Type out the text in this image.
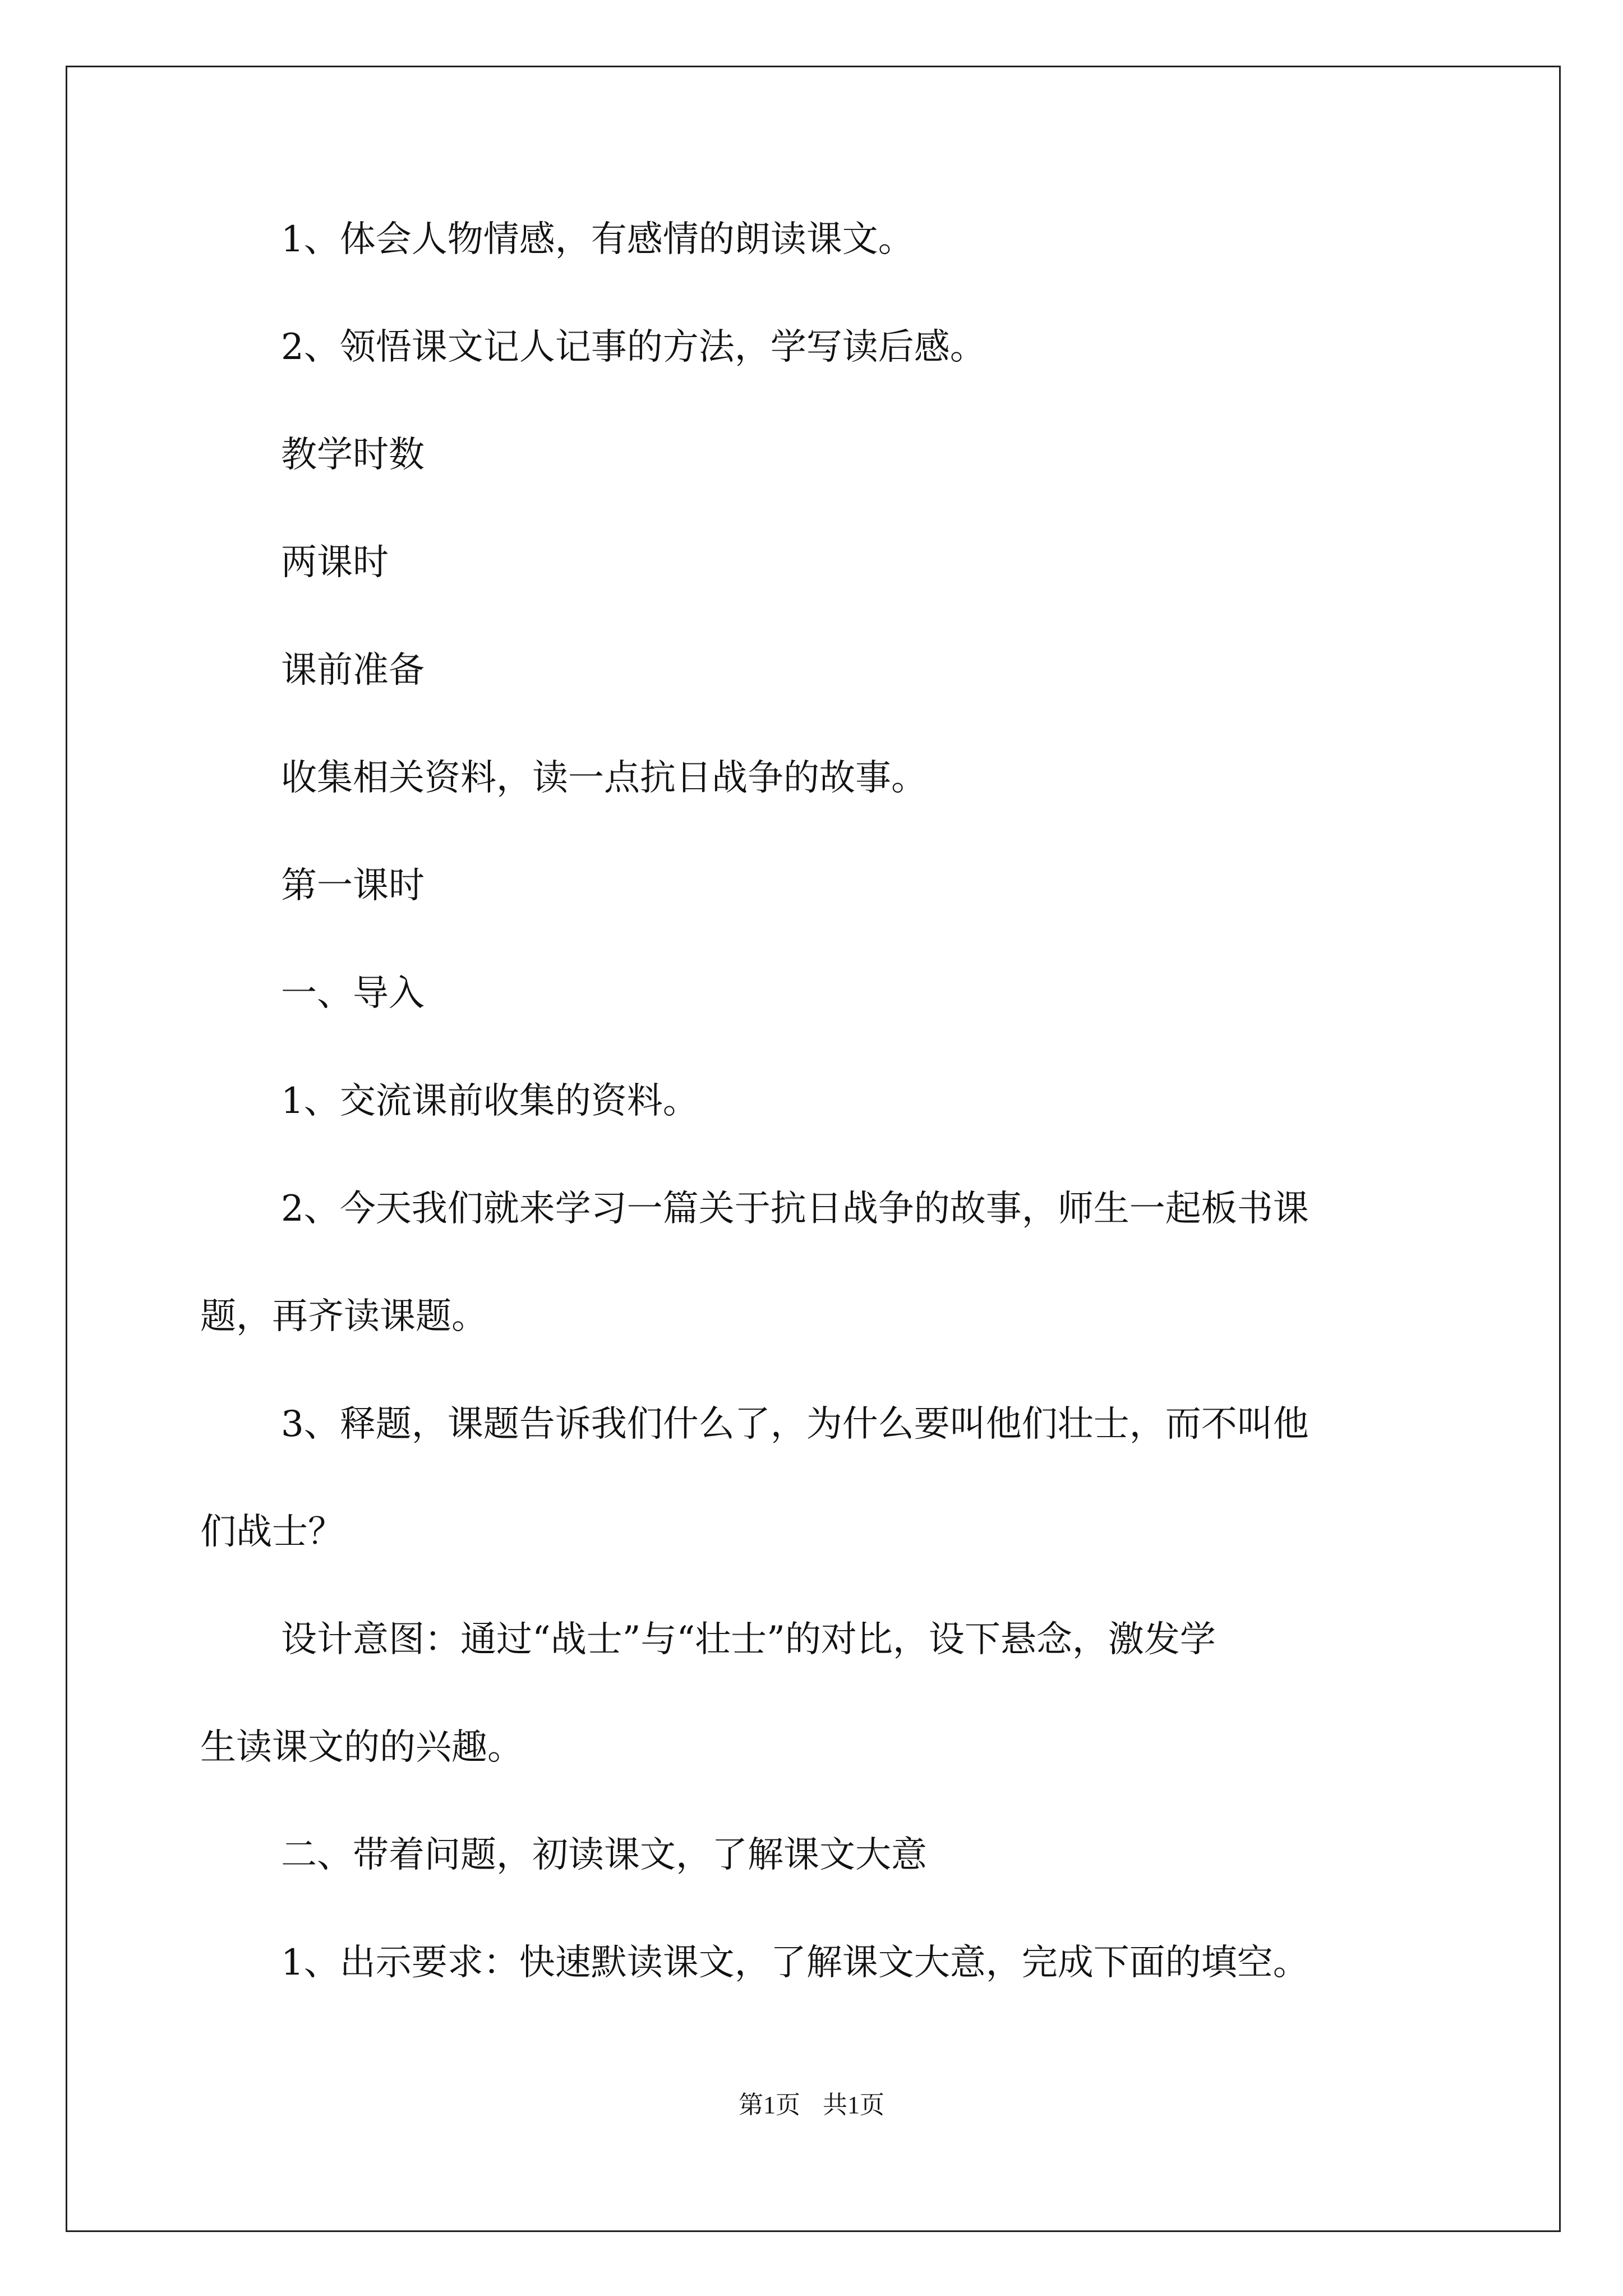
1、体会人物情感，有感情的朗读课文。

2、领悟课文记人记事的方法，学写读后感。

教学时数

两课时

课前准备

收集相关资料，读一点抗日战争的故事。

第一课时

一、导入

1、交流课前收集的资料。

2、今天我们就来学习一篇关于抗日战争的故事，师生一起板书课

题，再齐读课题。

3、释题，课题告诉我们什么了，为什么要叫他们壮士，而不叫他

们战士？

设计意图：通过“战士”与“壮士”的对比，设下悬念，激发学

生读课文的的兴趣。

二、带着问题，初读课文，了解课文大意

1、出示要求：快速默读课文，了解课文大意，完成下面的填空。

第1页 共1页
